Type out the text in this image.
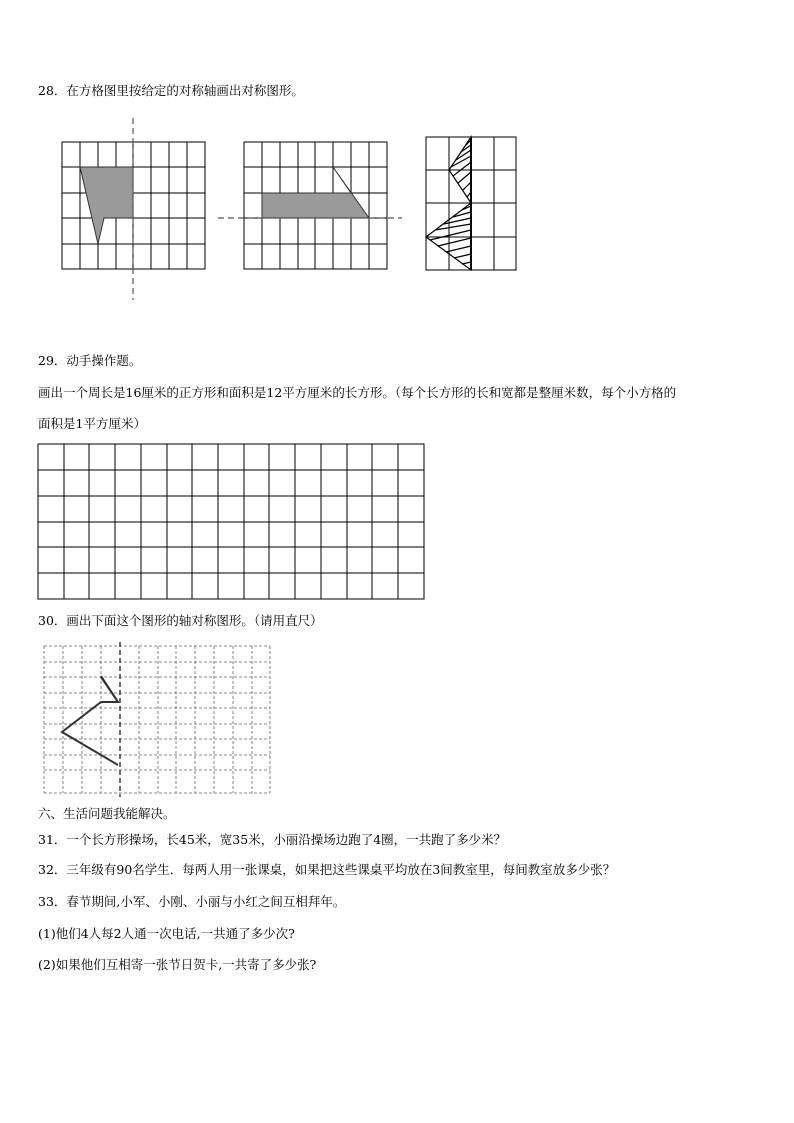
28．在方格图里按给定的对称轴画出对称图形。
29．动手操作题。
画出一个周长是16厘米的正方形和面积是12平方厘米的长方形。（每个长方形的长和宽都是整厘米数，每个小方格的
面积是1平方厘米）
30．画出下面这个图形的轴对称图形。（请用直尺）
六、生活问题我能解决。
31．一个长方形操场，长45米，宽35米，小丽沿操场边跑了4圈，一共跑了多少米？
32．三年级有90名学生．每两人用一张课桌，如果把这些课桌平均放在3间教室里，每间教室放多少张？
33．春节期间,小军、小刚、小丽与小红之间互相拜年。
(1)他们4人每2人通一次电话,一共通了多少次?
(2)如果他们互相寄一张节日贺卡,一共寄了多少张?
